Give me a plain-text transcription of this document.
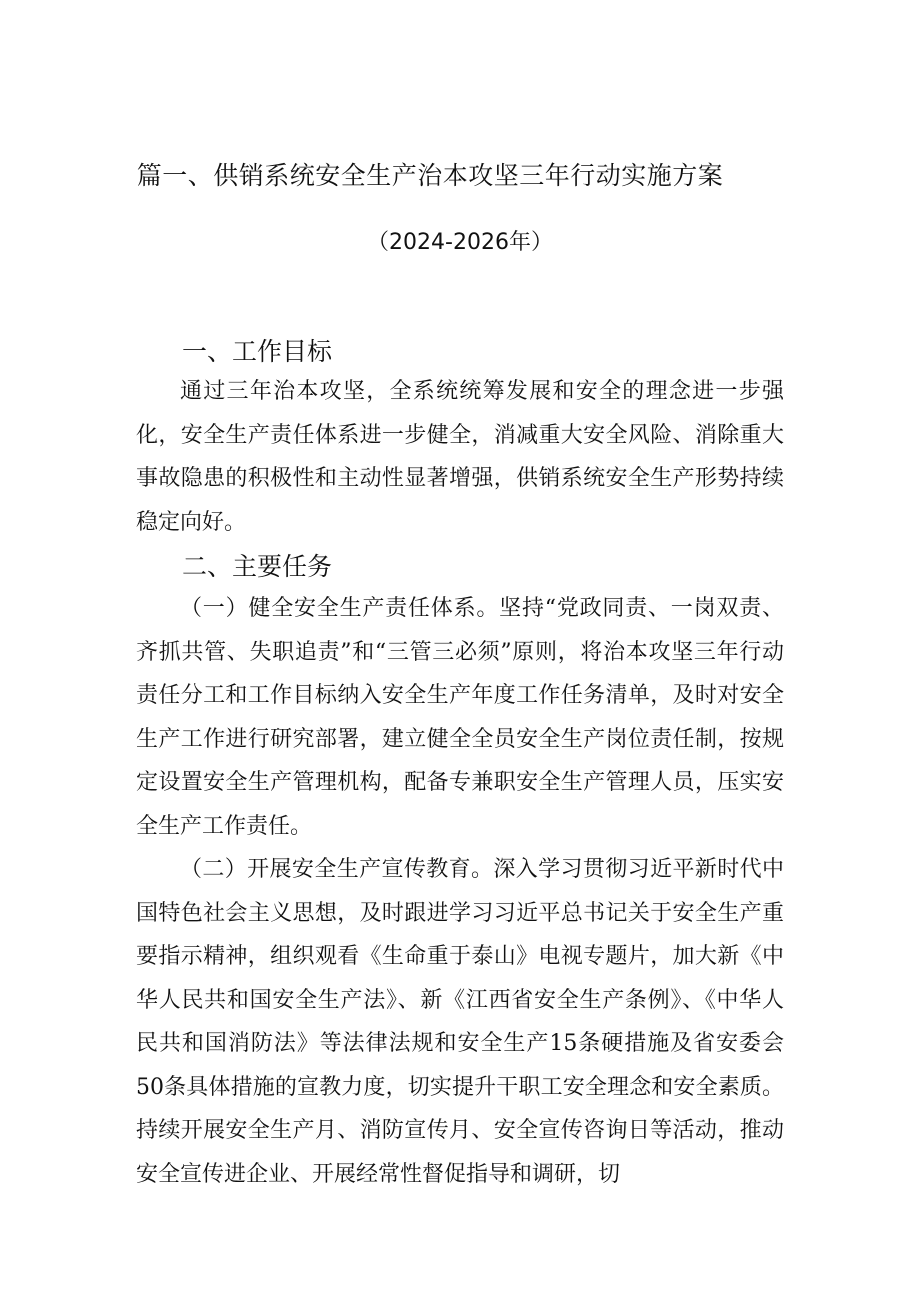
篇一、供销系统安全生产治本攻坚三年行动实施方案
（2024-2026年）
一、工作目标

通过三年治本攻坚，全系统统筹发展和安全的理念进一步强化，安全生产责任体系进一步健全，消减重大安全风险、消除重大事故隐患的积极性和主动性显著增强，供销系统安全生产形势持续稳定向好。

二、主要任务

（一）健全安全生产责任体系。坚持“党政同责、一岗双责、齐抓共管、失职追责”和“三管三必须”原则，将治本攻坚三年行动责任分工和工作目标纳入安全生产年度工作任务清单，及时对安全生产工作进行研究部署，建立健全全员安全生产岗位责任制，按规定设置安全生产管理机构，配备专兼职安全生产管理人员，压实安全生产工作责任。

（二）开展安全生产宣传教育。深入学习贯彻习近平新时代中国特色社会主义思想，及时跟进学习习近平总书记关于安全生产重要指示精神，组织观看《生命重于泰山》电视专题片，加大新《中华人民共和国安全生产法》、新《江西省安全生产条例》、《中华人民共和国消防法》等法律法规和安全生产15条硬措施及省安委会50条具体措施的宣教力度，切实提升干职工安全理念和安全素质。持续开展安全生产月、消防宣传月、安全宣传咨询日等活动，推动安全宣传进企业、开展经常性督促指导和调研，切
